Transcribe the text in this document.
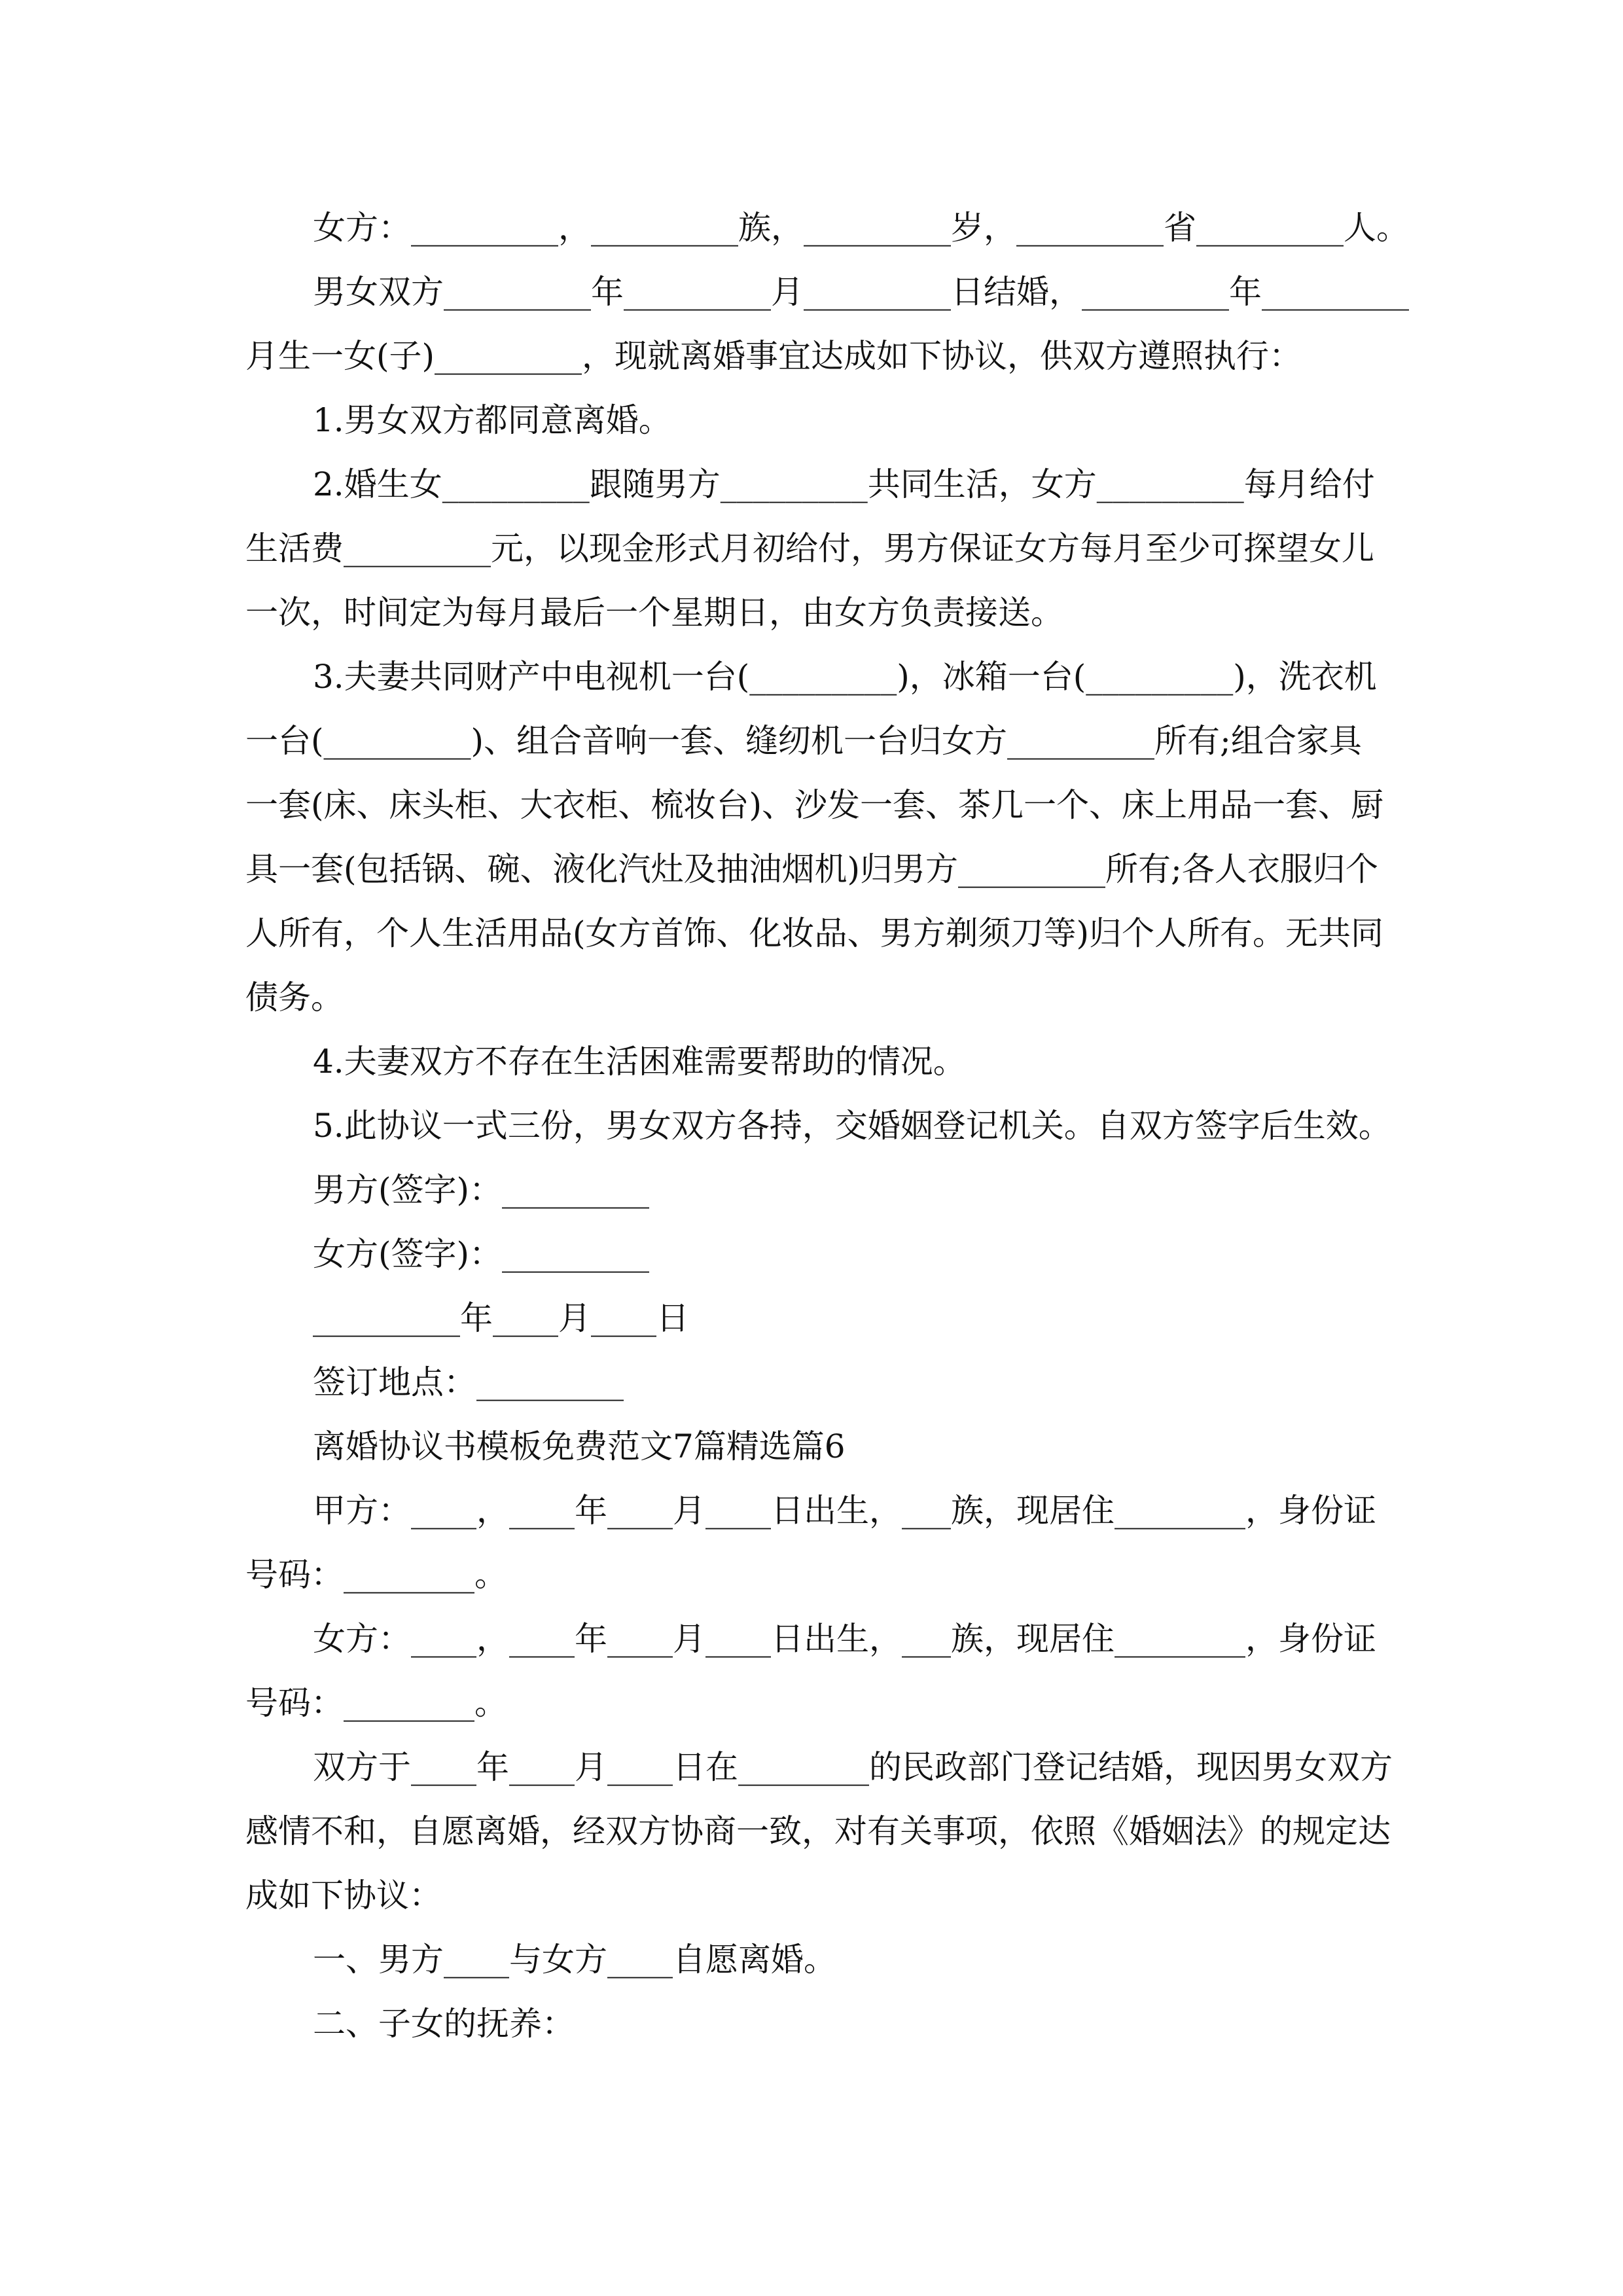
女方：_________，_________族，_________岁，_________省_________人。
男女双方_________年_________月_________日结婚，_________年_________
月生一女(子)_________，现就离婚事宜达成如下协议，供双方遵照执行：
1.男女双方都同意离婚。
2.婚生女_________跟随男方_________共同生活，女方_________每月给付
生活费_________元，以现金形式月初给付，男方保证女方每月至少可探望女儿
一次，时间定为每月最后一个星期日，由女方负责接送。
3.夫妻共同财产中电视机一台(_________)，冰箱一台(_________)，洗衣机
一台(_________)、组合音响一套、缝纫机一台归女方_________所有;组合家具
一套(床、床头柜、大衣柜、梳妆台)、沙发一套、茶几一个、床上用品一套、厨
具一套(包括锅、碗、液化汽灶及抽油烟机)归男方_________所有;各人衣服归个
人所有，个人生活用品(女方首饰、化妆品、男方剃须刀等)归个人所有。无共同
债务。
4.夫妻双方不存在生活困难需要帮助的情况。
5.此协议一式三份，男女双方各持，交婚姻登记机关。自双方签字后生效。
男方(签字)：_________
女方(签字)：_________
_________年____月____日
签订地点：_________
离婚协议书模板免费范文7篇精选篇6
甲方：____，____年____月____日出生，___族，现居住________，身份证
号码：________。
女方：____，____年____月____日出生，___族，现居住________，身份证
号码：________。
双方于____年____月____日在________的民政部门登记结婚，现因男女双方
感情不和，自愿离婚，经双方协商一致，对有关事项，依照《婚姻法》的规定达
成如下协议：
一、男方____与女方____自愿离婚。
二、子女的抚养：
